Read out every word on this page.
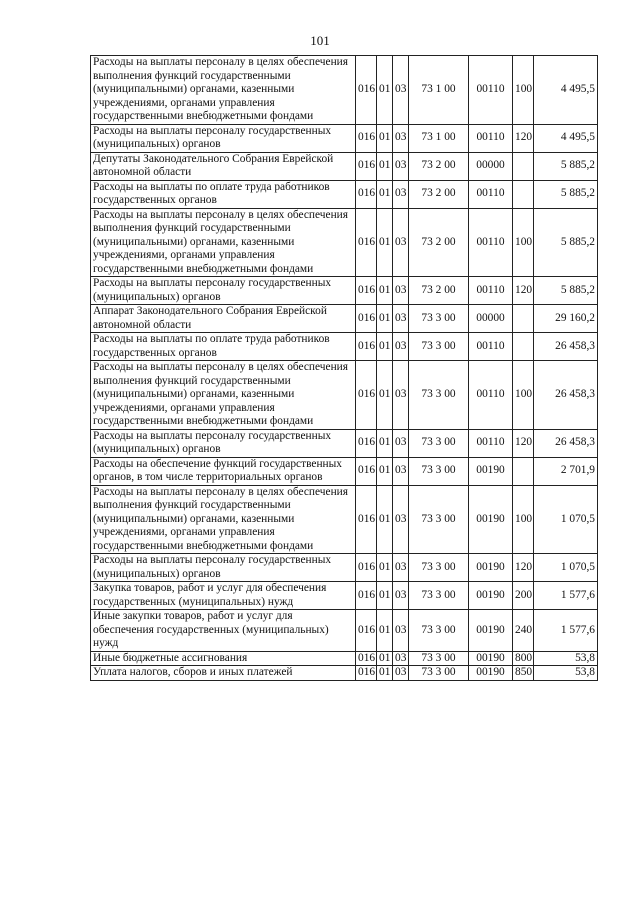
101
Расходы на выплаты персоналу в целях обеспечения выполнения функций государственными (муниципальными) органами, казенными учреждениями, органами управления государственными внебюджетными фондами	016	01	03	73 1 00	00110	100	4 495,5
Расходы на выплаты персоналу государственных (муниципальных) органов	016	01	03	73 1 00	00110	120	4 495,5
Депутаты Законодательного Собрания Еврейской автономной области	016	01	03	73 2 00	00000		5 885,2
Расходы на выплаты по оплате труда работников государственных органов	016	01	03	73 2 00	00110		5 885,2
Расходы на выплаты персоналу в целях обеспечения выполнения функций государственными (муниципальными) органами, казенными учреждениями, органами управления государственными внебюджетными фондами	016	01	03	73 2 00	00110	100	5 885,2
Расходы на выплаты персоналу государственных (муниципальных) органов	016	01	03	73 2 00	00110	120	5 885,2
Аппарат Законодательного Собрания Еврейской автономной области	016	01	03	73 3 00	00000		29 160,2
Расходы на выплаты по оплате труда работников государственных органов	016	01	03	73 3 00	00110		26 458,3
Расходы на выплаты персоналу в целях обеспечения выполнения функций государственными (муниципальными) органами, казенными учреждениями, органами управления государственными внебюджетными фондами	016	01	03	73 3 00	00110	100	26 458,3
Расходы на выплаты персоналу государственных (муниципальных) органов	016	01	03	73 3 00	00110	120	26 458,3
Расходы на обеспечение функций государственных органов, в том числе территориальных органов	016	01	03	73 3 00	00190		2 701,9
Расходы на выплаты персоналу в целях обеспечения выполнения функций государственными (муниципальными) органами, казенными учреждениями, органами управления государственными внебюджетными фондами	016	01	03	73 3 00	00190	100	1 070,5
Расходы на выплаты персоналу государственных (муниципальных) органов	016	01	03	73 3 00	00190	120	1 070,5
Закупка товаров, работ и услуг для обеспечения государственных (муниципальных) нужд	016	01	03	73 3 00	00190	200	1 577,6
Иные закупки товаров, работ и услуг для обеспечения государственных (муниципальных) нужд	016	01	03	73 3 00	00190	240	1 577,6
Иные бюджетные ассигнования	016	01	03	73 3 00	00190	800	53,8
Уплата налогов, сборов и иных платежей	016	01	03	73 3 00	00190	850	53,8
